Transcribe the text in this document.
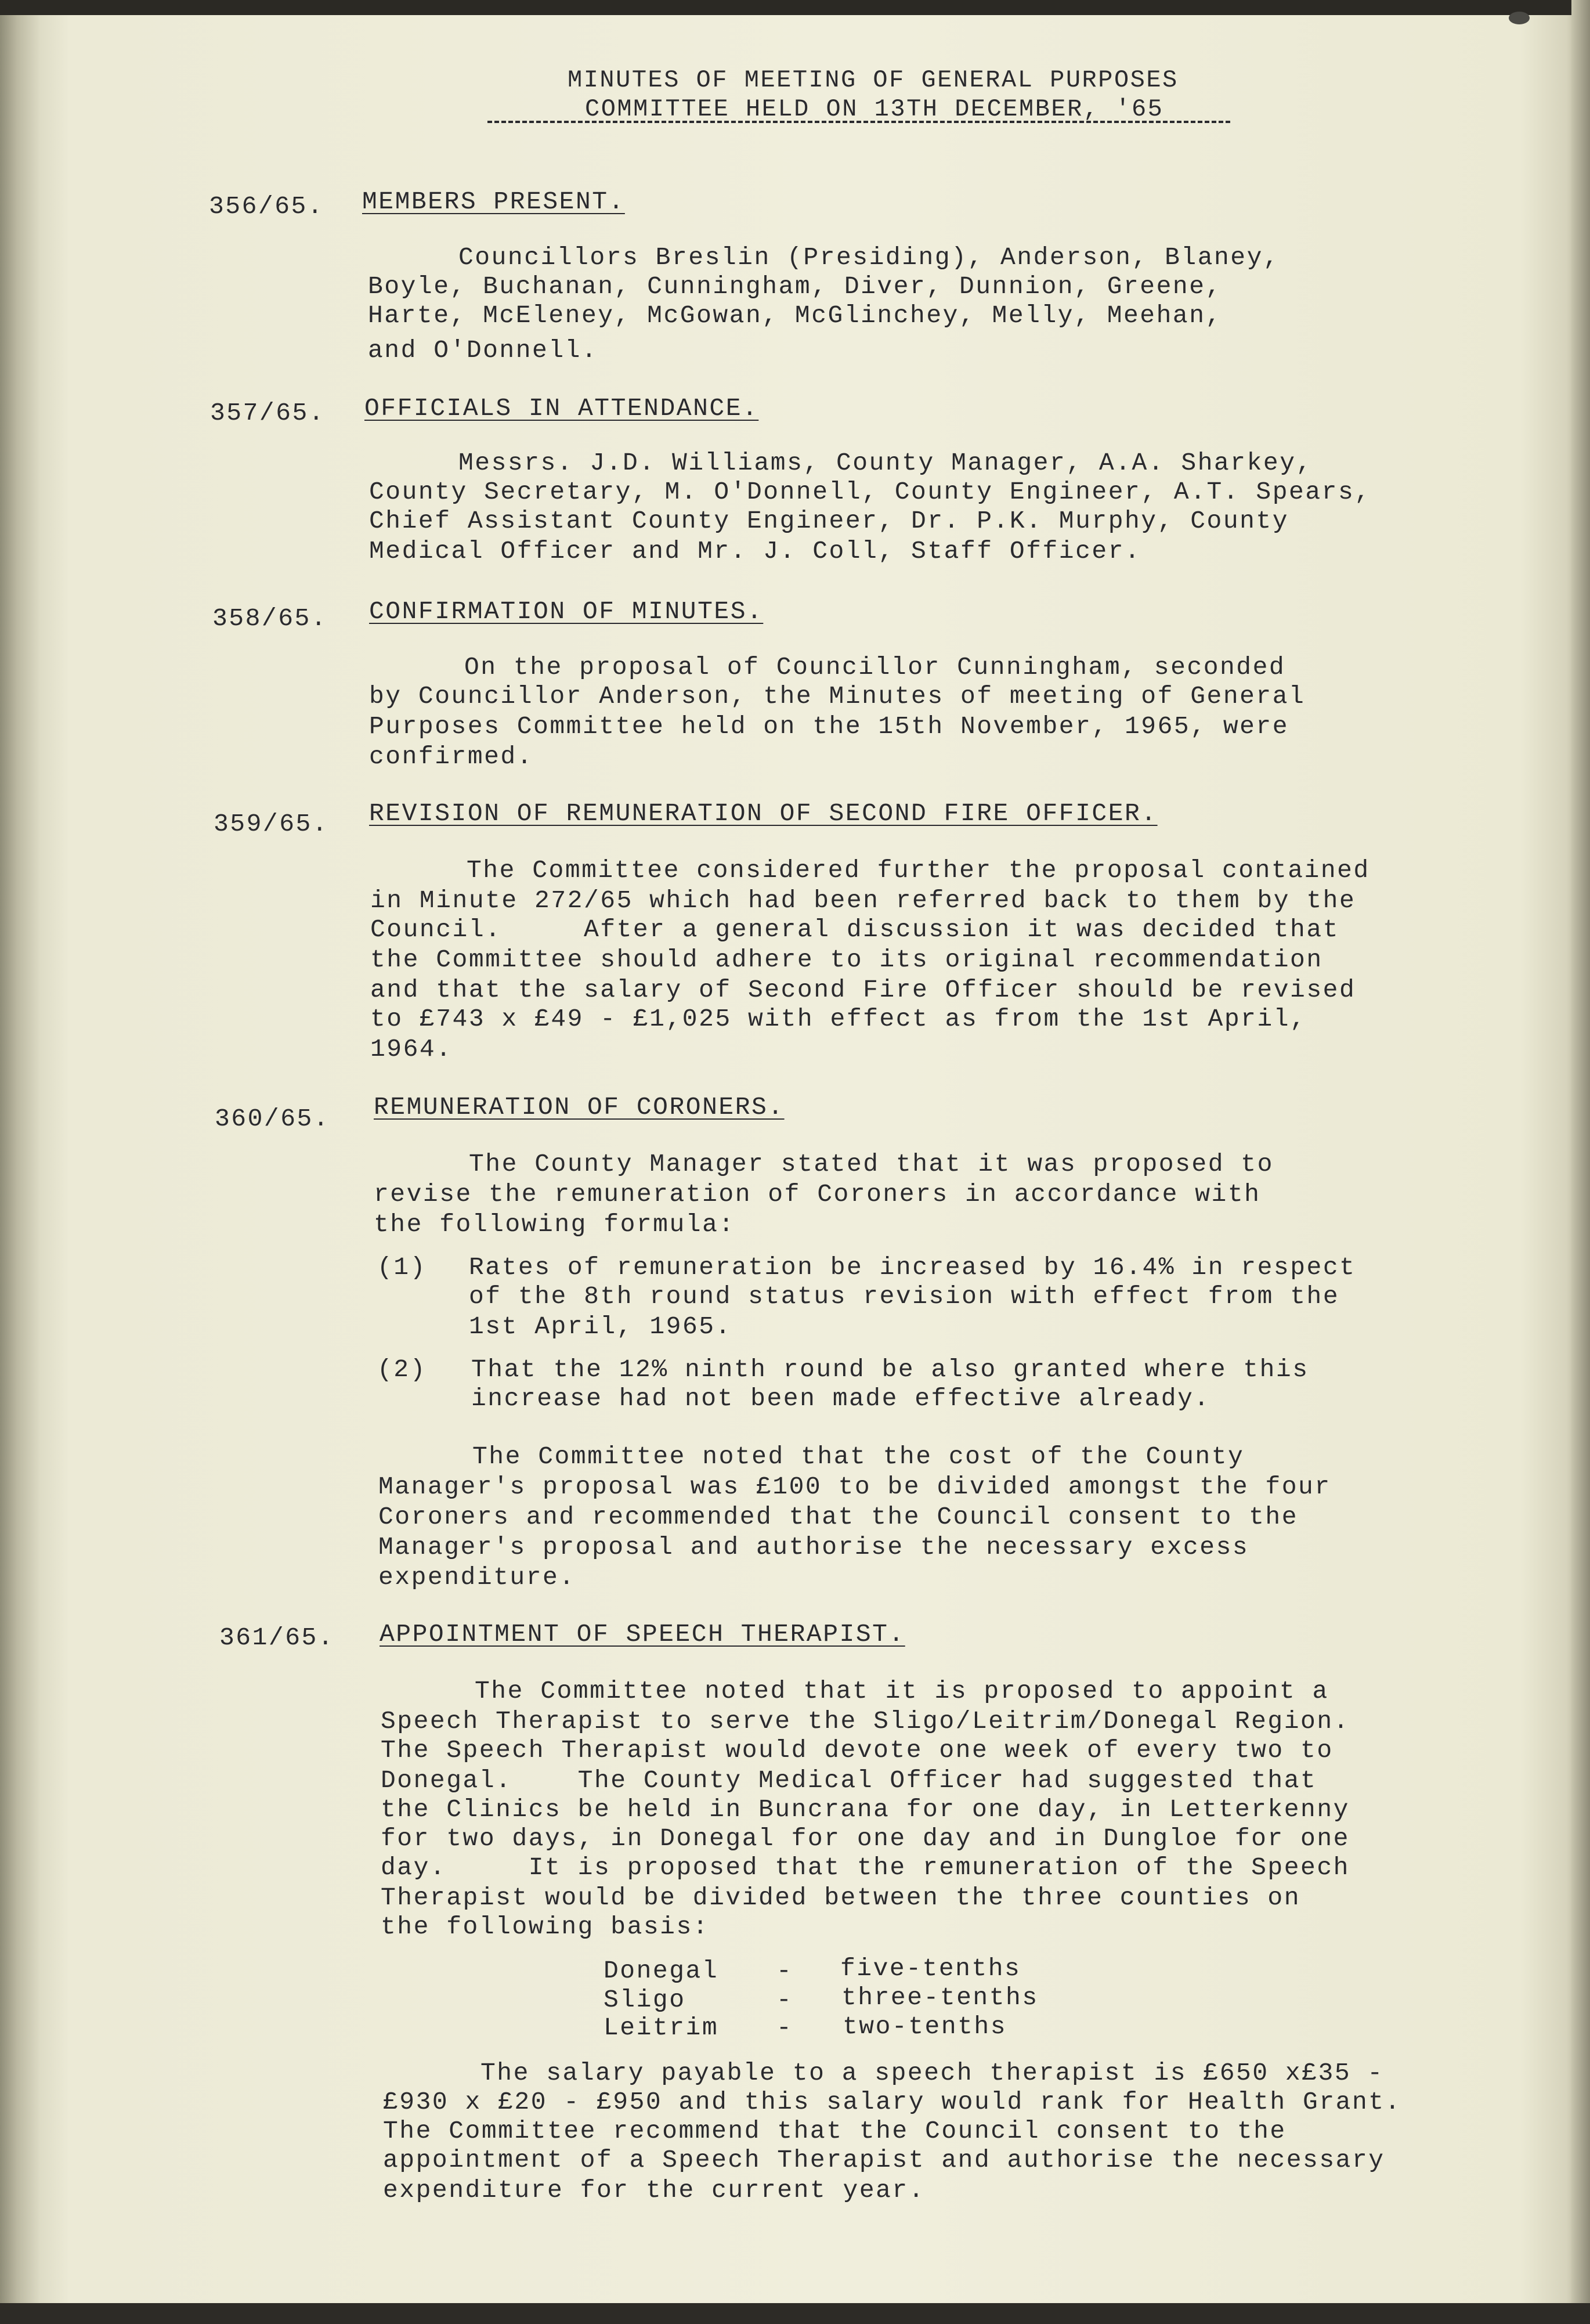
MINUTES OF MEETING OF GENERAL PURPOSES
COMMITTEE HELD ON 13TH DECEMBER, '65
356/65. MEMBERS PRESENT.
Councillors Breslin (Presiding), Anderson, Blaney,
Boyle, Buchanan, Cunningham, Diver, Dunnion, Greene,
Harte, McEleney, McGowan, McGlinchey, Melly, Meehan,
and O'Donnell.
357/65. OFFICIALS IN ATTENDANCE.
Messrs. J.D. Williams, County Manager, A.A. Sharkey,
County Secretary, M. O'Donnell, County Engineer, A.T. Spears,
Chief Assistant County Engineer, Dr. P.K. Murphy, County
Medical Officer and Mr. J. Coll, Staff Officer.
358/65. CONFIRMATION OF MINUTES.
On the proposal of Councillor Cunningham, seconded
by Councillor Anderson, the Minutes of meeting of General
Purposes Committee held on the 15th November, 1965, were
confirmed.
359/65. REVISION OF REMUNERATION OF SECOND FIRE OFFICER.
The Committee considered further the proposal contained
in Minute 272/65 which had been referred back to them by the
Council.     After a general discussion it was decided that
the Committee should adhere to its original recommendation
and that the salary of Second Fire Officer should be revised
to £743 x £49 - £1,025 with effect as from the 1st April,
1964.
360/65. REMUNERATION OF CORONERS.
The County Manager stated that it was proposed to
revise the remuneration of Coroners in accordance with
the following formula:
(1) Rates of remuneration be increased by 16.4% in respect
of the 8th round status revision with effect from the
1st April, 1965.
(2) That the 12% ninth round be also granted where this
increase had not been made effective already.
The Committee noted that the cost of the County
Manager's proposal was £100 to be divided amongst the four
Coroners and recommended that the Council consent to the
Manager's proposal and authorise the necessary excess
expenditure.
361/65. APPOINTMENT OF SPEECH THERAPIST.
The Committee noted that it is proposed to appoint a
Speech Therapist to serve the Sligo/Leitrim/Donegal Region.
The Speech Therapist would devote one week of every two to
Donegal.    The County Medical Officer had suggested that
the Clinics be held in Buncrana for one day, in Letterkenny
for two days, in Donegal for one day and in Dungloe for one
day.     It is proposed that the remuneration of the Speech
Therapist would be divided between the three counties on
the following basis:
Donegal - five-tenths
Sligo	- three-tenths
Leitrim - two-tenths
The salary payable to a speech therapist is £650 x£35 -
£930 x £20 - £950 and this salary would rank for Health Grant.
The Committee recommend that the Council consent to the
appointment of a Speech Therapist and authorise the necessary
expenditure for the current year.
